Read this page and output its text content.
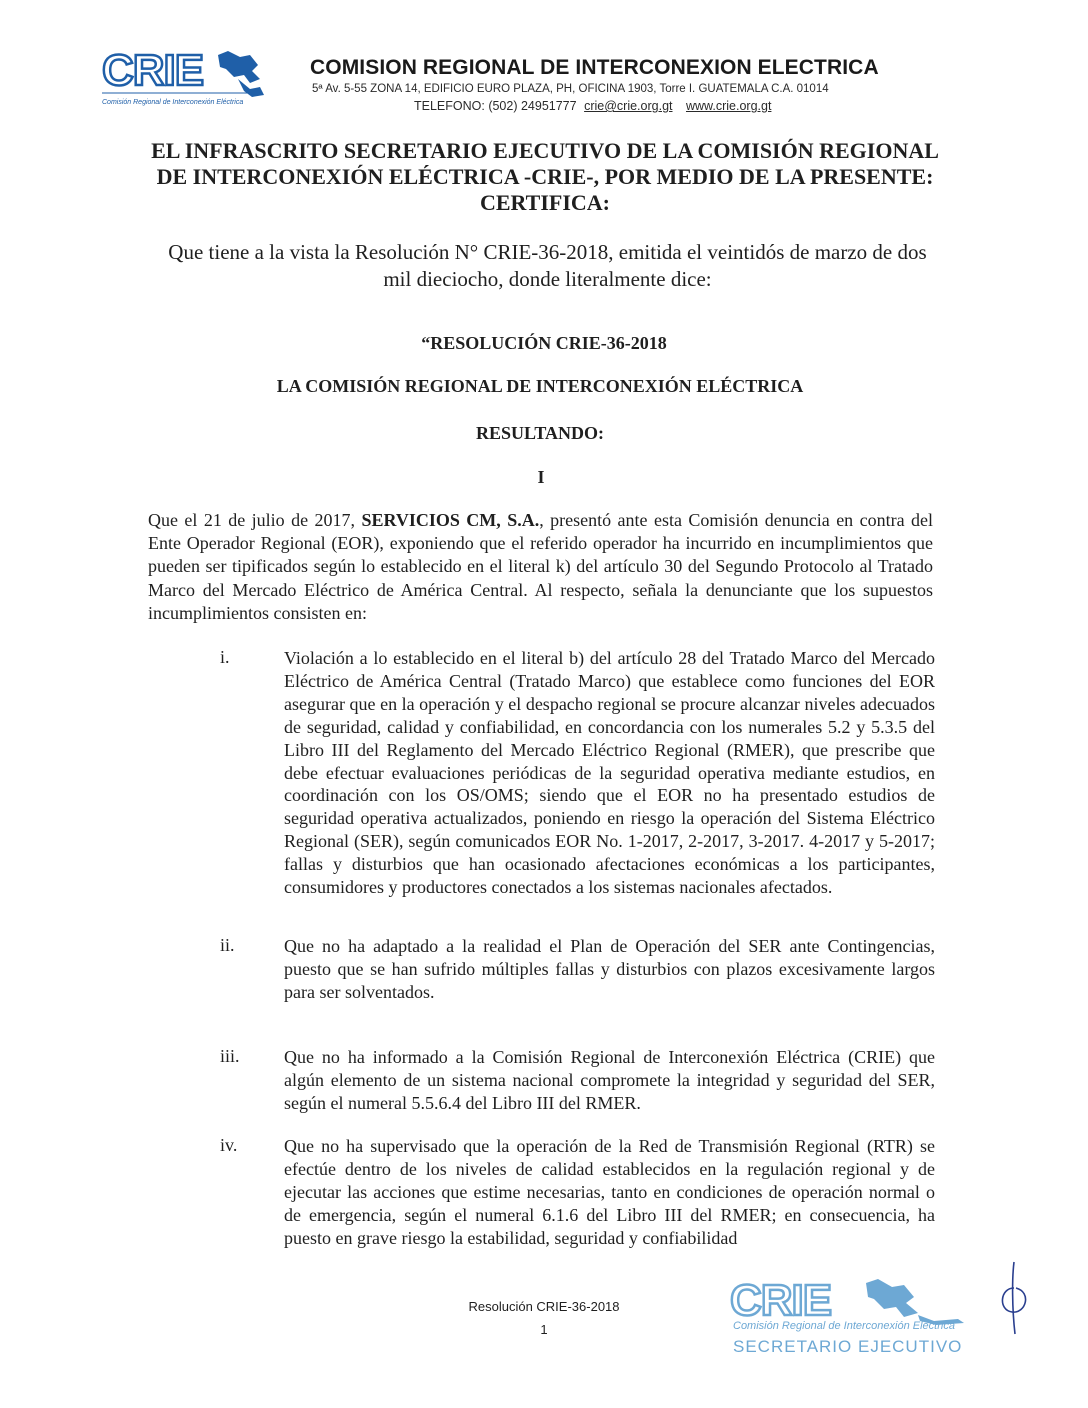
CRIE
Comisión Regional de Interconexión Eléctrica
COMISION REGIONAL DE INTERCONEXION ELECTRICA
5ª Av. 5-55 ZONA 14, EDIFICIO EURO PLAZA, PH, OFICINA 1903, Torre I. GUATEMALA C.A. 01014
TELEFONO: (502) 24951777 crie@crie.org.gt www.crie.org.gt
EL INFRASCRITO SECRETARIO EJECUTIVO DE LA COMISIÓN REGIONAL
DE INTERCONEXIÓN ELÉCTRICA -CRIE-, POR MEDIO DE LA PRESENTE:
CERTIFICA:
Que tiene a la vista la Resolución N° CRIE-36-2018, emitida el veintidós de marzo de dos
mil dieciocho, donde literalmente dice:
“RESOLUCIÓN CRIE-36-2018
LA COMISIÓN REGIONAL DE INTERCONEXIÓN ELÉCTRICA
RESULTANDO:
I
Que el 21 de julio de 2017, SERVICIOS CM, S.A., presentó ante esta Comisión denuncia en contra del Ente Operador Regional (EOR), exponiendo que el referido operador ha incurrido en incumplimientos que pueden ser tipificados según lo establecido en el literal k) del artículo 30 del Segundo Protocolo al Tratado Marco del Mercado Eléctrico de América Central. Al respecto, señala la denunciante que los supuestos incumplimientos consisten en:
i.	Violación a lo establecido en el literal b) del artículo 28 del Tratado Marco del Mercado Eléctrico de América Central (Tratado Marco) que establece como funciones del EOR asegurar que en la operación y el despacho regional se procure alcanzar niveles adecuados de seguridad, calidad y confiabilidad, en concordancia con los numerales 5.2 y 5.3.5 del Libro III del Reglamento del Mercado Eléctrico Regional (RMER), que prescribe que debe efectuar evaluaciones periódicas de la seguridad operativa mediante estudios, en coordinación con los OS/OMS; siendo que el EOR no ha presentado estudios de seguridad operativa actualizados, poniendo en riesgo la operación del Sistema Eléctrico Regional (SER), según comunicados EOR No. 1-2017, 2-2017, 3-2017. 4-2017 y 5-2017; fallas y disturbios que han ocasionado afectaciones económicas a los participantes, consumidores y productores conectados a los sistemas nacionales afectados.
ii.	Que no ha adaptado a la realidad el Plan de Operación del SER ante Contingencias, puesto que se han sufrido múltiples fallas y disturbios con plazos excesivamente largos para ser solventados.
iii. Que no ha informado a la Comisión Regional de Interconexión Eléctrica (CRIE) que algún elemento de un sistema nacional compromete la integridad y seguridad del SER, según el numeral 5.5.6.4 del Libro III del RMER.
iv.	Que no ha supervisado que la operación de la Red de Transmisión Regional (RTR) se efectúe dentro de los niveles de calidad establecidos en la regulación regional y de ejecutar las acciones que estime necesarias, tanto en condiciones de operación normal o de emergencia, según el numeral 6.1.6 del Libro III del RMER; en consecuencia, ha puesto en grave riesgo la estabilidad, seguridad y confiabilidad
Resolución CRIE-36-2018
1
CRIE
Comisión Regional de Interconexión Eléctrica
SECRETARIO EJECUTIVO
